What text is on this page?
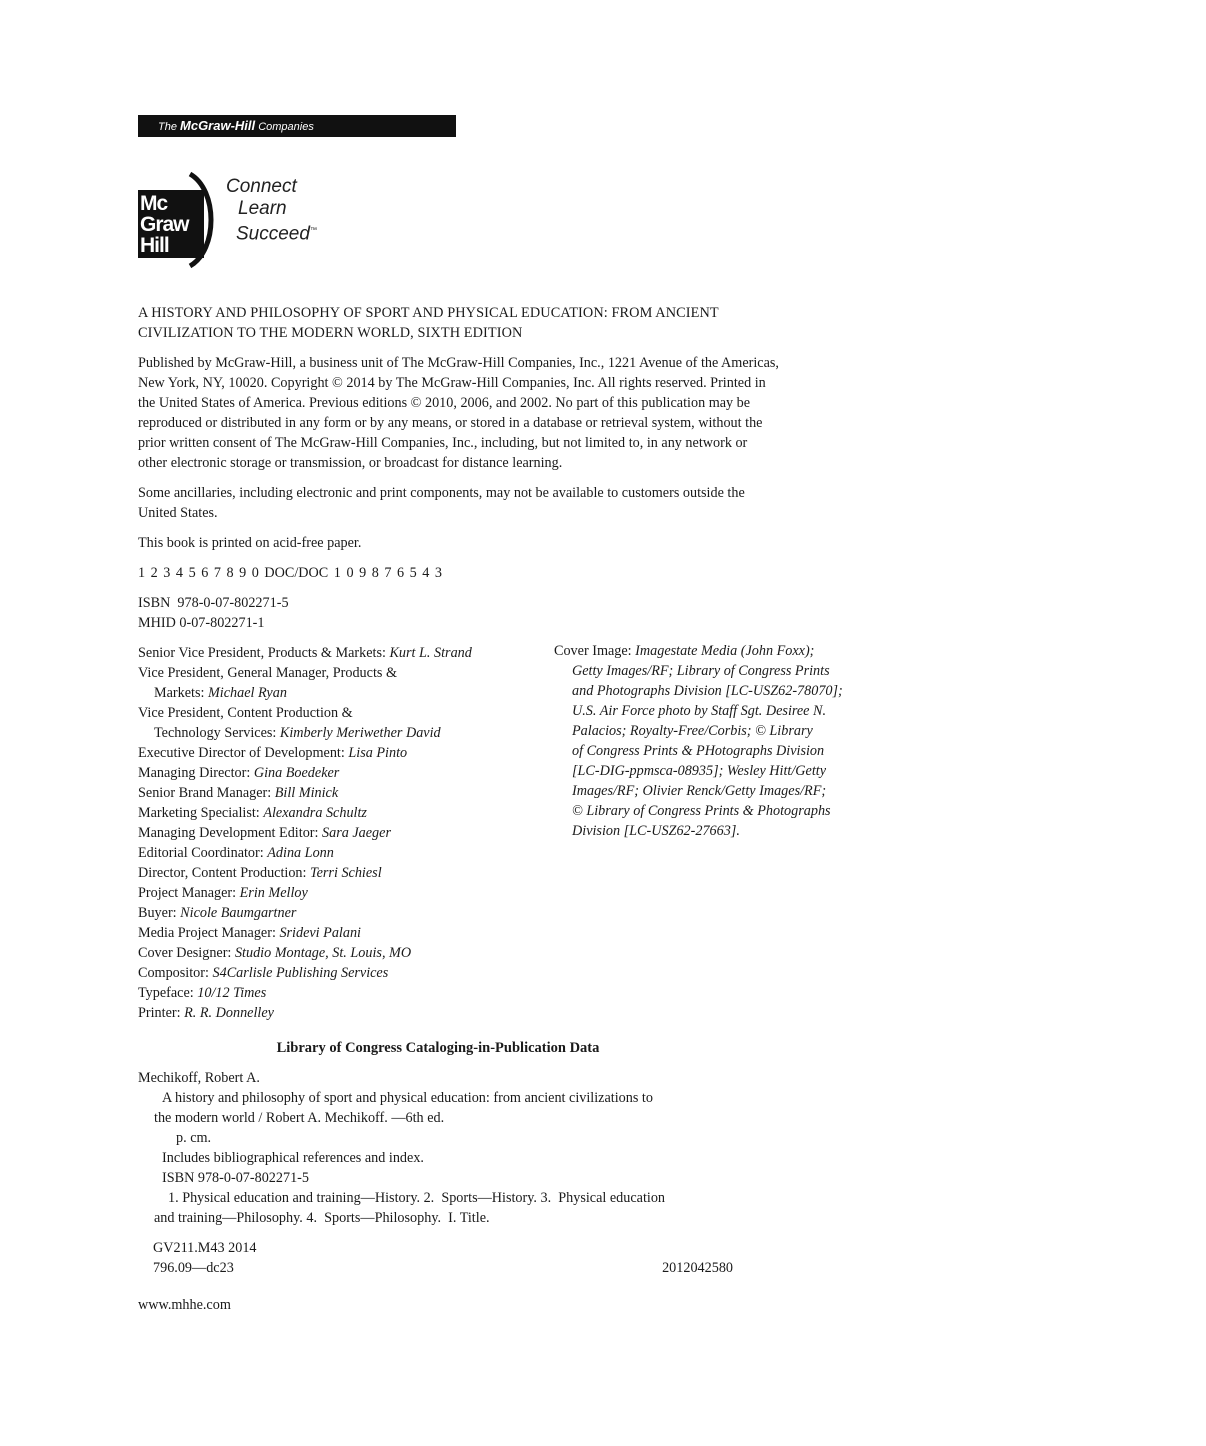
The McGraw-Hill Companies
Mc
Graw
Hill
Connect
Learn
Succeed™
A HISTORY AND PHILOSOPHY OF SPORT AND PHYSICAL EDUCATION: FROM ANCIENT
CIVILIZATION TO THE MODERN WORLD, SIXTH EDITION
Published by McGraw-Hill, a business unit of The McGraw-Hill Companies, Inc., 1221 Avenue of the Americas,
New York, NY, 10020. Copyright © 2014 by The McGraw-Hill Companies, Inc. All rights reserved. Printed in
the United States of America. Previous editions © 2010, 2006, and 2002. No part of this publication may be
reproduced or distributed in any form or by any means, or stored in a database or retrieval system, without the
prior written consent of The McGraw-Hill Companies, Inc., including, but not limited to, in any network or
other electronic storage or transmission, or broadcast for distance learning.
Some ancillaries, including electronic and print components, may not be available to customers outside the
United States.
This book is printed on acid-free paper.
1 2 3 4 5 6 7 8 9 0 DOC/DOC 1 0 9 8 7 6 5 4 3
ISBN  978-0-07-802271-5
MHID 0-07-802271-1
Senior Vice President, Products & Markets: Kurt L. Strand
Vice President, General Manager, Products &
Markets: Michael Ryan
Vice President, Content Production &
Technology Services: Kimberly Meriwether David
Executive Director of Development: Lisa Pinto
Managing Director: Gina Boedeker
Senior Brand Manager: Bill Minick
Marketing Specialist: Alexandra Schultz
Managing Development Editor: Sara Jaeger
Editorial Coordinator: Adina Lonn
Director, Content Production: Terri Schiesl
Project Manager: Erin Melloy
Buyer: Nicole Baumgartner
Media Project Manager: Sridevi Palani
Cover Designer: Studio Montage, St. Louis, MO
Compositor: S4Carlisle Publishing Services
Typeface: 10/12 Times
Printer: R. R. Donnelley
Cover Image: Imagestate Media (John Foxx);
Getty Images/RF; Library of Congress Prints
and Photographs Division [LC-USZ62-78070];
U.S. Air Force photo by Staff Sgt. Desiree N.
Palacios; Royalty-Free/Corbis; © Library
of Congress Prints & PHotographs Division
[LC-DIG-ppmsca-08935]; Wesley Hitt/Getty
Images/RF; Olivier Renck/Getty Images/RF;
© Library of Congress Prints & Photographs
Division [LC-USZ62-27663].
Library of Congress Cataloging-in-Publication Data
Mechikoff, Robert A.
A history and philosophy of sport and physical education: from ancient civilizations to
the modern world / Robert A. Mechikoff. —6th ed.
p. cm.
Includes bibliographical references and index.
ISBN 978-0-07-802271-5
1. Physical education and training—History. 2.  Sports—History. 3.  Physical education
and training—Philosophy. 4.  Sports—Philosophy.  I. Title.
GV211.M43 2014
796.09—dc23	2012042580
www.mhhe.com
